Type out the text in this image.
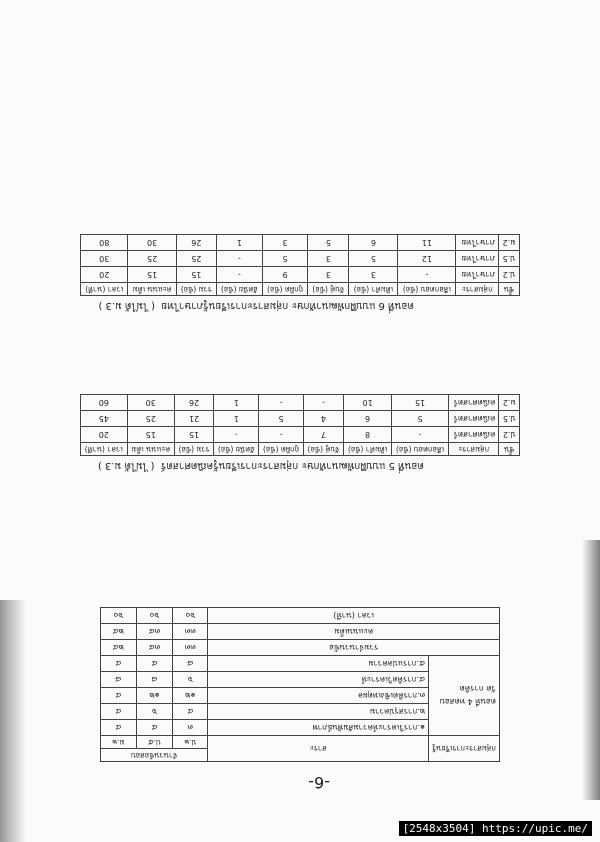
ตอนที่ 6 แบบฝึกพัฒนาทักษะ กลุ่มสาระการเรียนรู้ภาษาไทย  ( ไม่ได้ ม.3 )
ชั้น	กลุ่มสาระ	เลือกตอบ (ข้อ)	เติมคำ (ข้อ)	จับคู่ (ข้อ)	ถูกผิด (ข้อ)	อัตนัย (ข้อ)	รวม (ข้อ)	คะแนน เต็ม	เวลา (นาที)
ป.2	ภาษาไทย	-	3	3	9	-	15	15	20
ป.5	ภาษาไทย	12	5	3	5	-	25	25	30
ม.2	ภาษาไทย	11	6	5	3	1	26	30	80
ตอนที่ 5 แบบฝึกพัฒนาทักษะ กลุ่มสาระการเรียนรู้คณิตศาสตร์  ( ไม่ได้ ม.3 )
ชั้น	กลุ่มสาระ	เลือกตอบ (ข้อ)	เติมคำ (ข้อ)	จับคู่ (ข้อ)	ถูกผิด (ข้อ)	อัตนัย (ข้อ)	รวม (ข้อ)	คะแนน เต็ม	เวลา (นาที)
ป.2	คณิตศาสตร์	-	8	7	-	-	15	15	20
ป.5	คณิตศาสตร์	5	6	4	5	1	21	25	45
ม.2	คณิตศาสตร์	15	10	-	-	1	26	30	60
กลุ่มสาระการเรียนรู้	สาระ	จำนวนข้อสอบ		
		ป.๒	ป.๕	ม.๒
ตอนที่ 4 ทดสอบวัด การคิด	๑.การวิเคราะห์ความสัมพันธ์ภาพ	๓	๔	๔
	๒.การสรุปความ	๔	๖	๔
	๓.การคิดเชิงเหตุผล	๑๒	๑๒	๔
	๔.การคิดวิเคราะห์	๖	๘	๘
	๕.การแปลความ	๘	๔	๔
รวมจำนวนข้อ		๓๓	๓๔	๒๔
คะแนนเต็ม		๓๓	๓๔	๒๔
เวลา (นาที)		๖๐	๖๐	๖๐
-6-
[2548x3504] https://upic.me/
